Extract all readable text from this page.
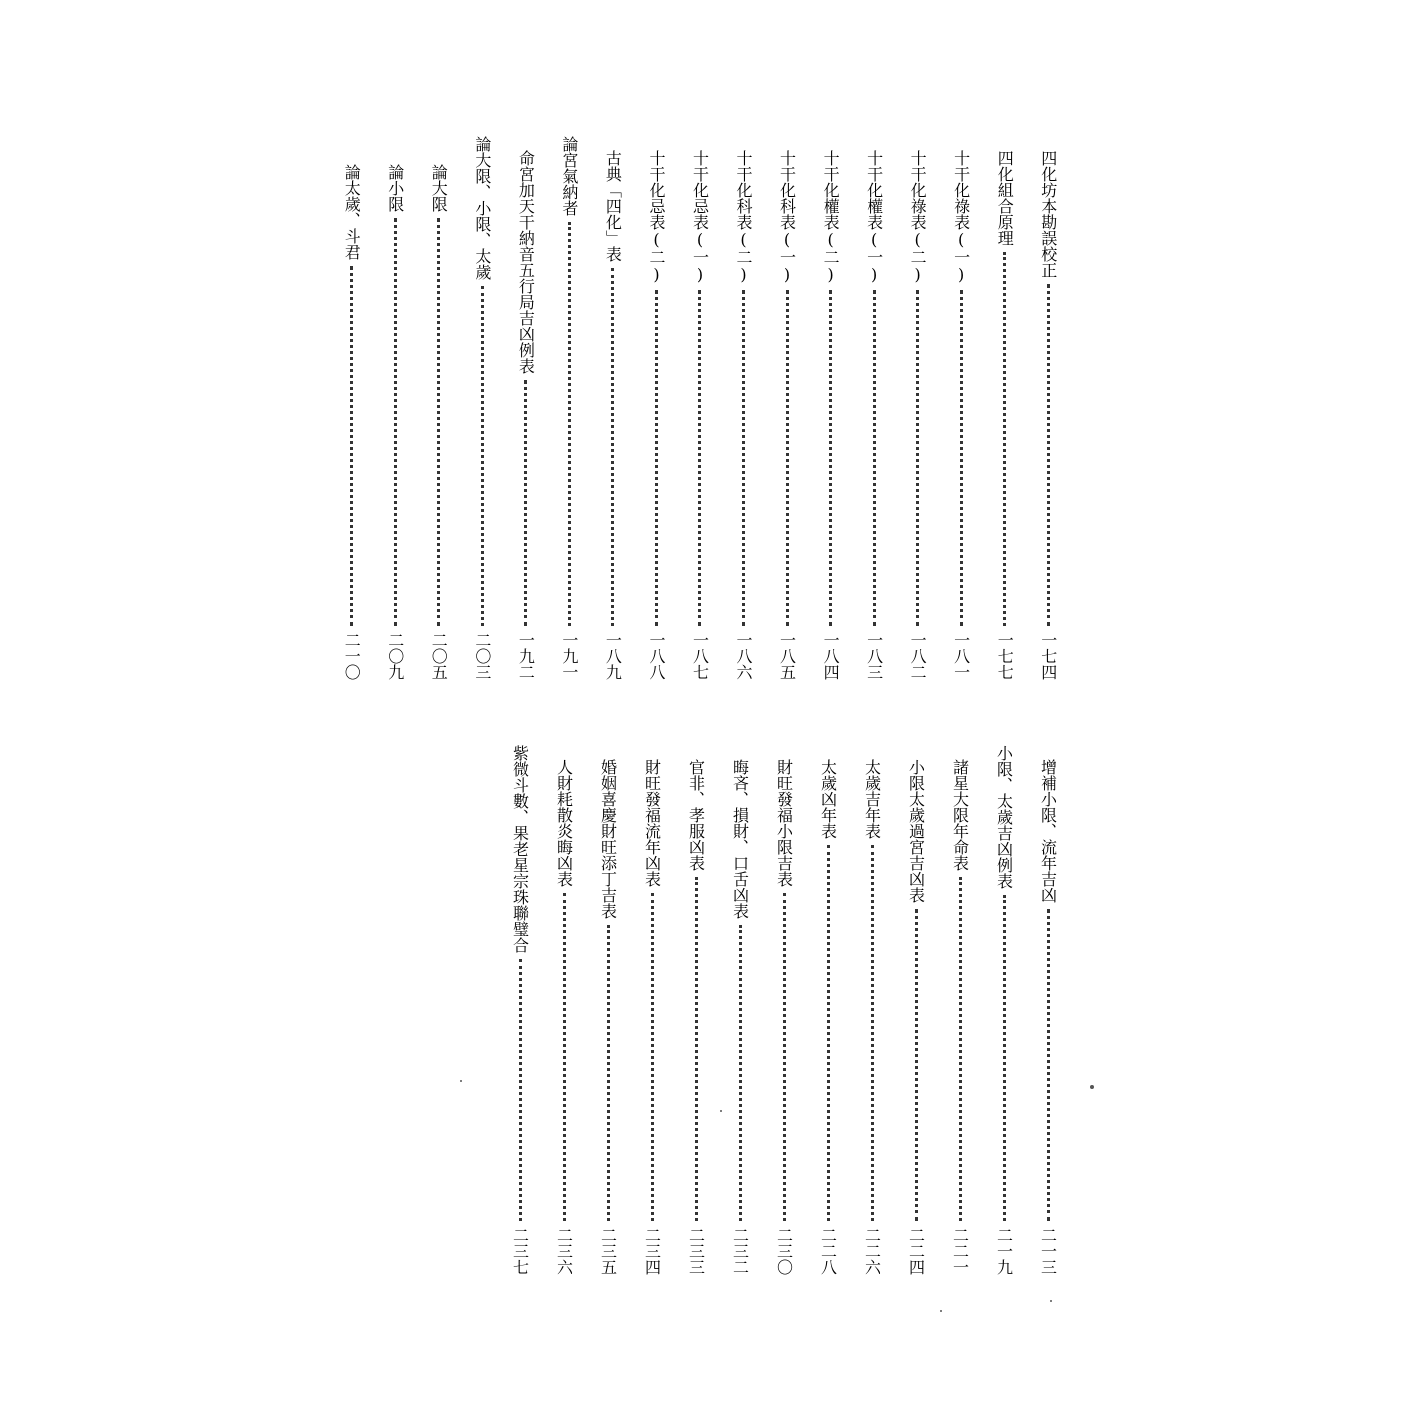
四化坊本勘誤校正
一七四
四化組合原理
一七七
十干化祿表(一)
一八一
十干化祿表(二)
一八二
十干化權表(一)
一八三
十干化權表(二)
一八四
十干化科表(一)
一八五
十干化科表(二)
一八六
十干化忌表(一)
一八七
十干化忌表(二)
一八八
古典「四化」表
一八九
論宮氣納者
一九一
命宮加天干納音五行局吉凶例表
一九二
論大限、小限、太歲
二〇三
論大限
二〇五
論小限
二〇九
論太歲、斗君
二一〇
增補小限、流年吉凶
二一三
小限、太歲吉凶例表
二一九
諸星大限年命表
二二一
小限太歲過宮吉凶表
二二四
太歲吉年表
二二六
太歲凶年表
二二八
財旺發福小限吉表
二三〇
晦吝、損財、口舌凶表
二三二
官非、孝服凶表
二三三
財旺發福流年凶表
二三四
婚姻喜慶財旺添丁吉表
二三五
人財耗散炎晦凶表
二三六
紫微斗數、果老星宗珠聯璧合
二三七
